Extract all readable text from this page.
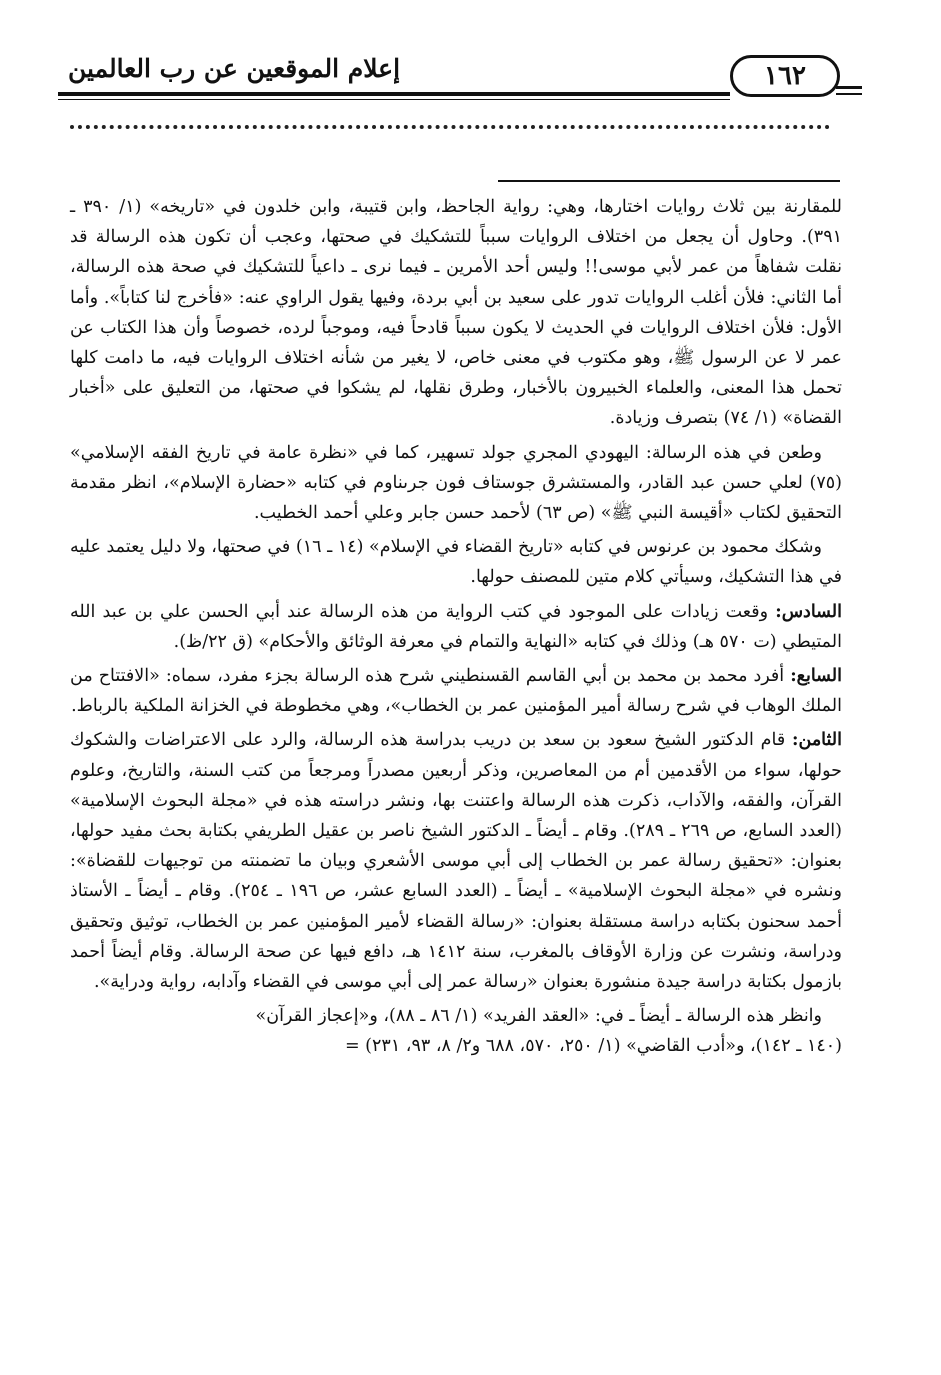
إعلام الموقعين عن رب العالمين	١٦٢

للمقارنة بين ثلاث روايات اختارها، وهي: رواية الجاحظ، وابن قتيبة، وابن خلدون في «تاريخه» (١/ ٣٩٠ ـ ٣٩١). وحاول أن يجعل من اختلاف الروايات سبباً للتشكيك في صحتها، وعجب أن تكون هذه الرسالة قد نقلت شفاهاً من عمر لأبي موسى!! وليس أحد الأمرين ـ فيما نرى ـ داعياً للتشكيك في صحة هذه الرسالة، أما الثاني: فلأن أغلب الروايات تدور على سعيد بن أبي بردة، وفيها يقول الراوي عنه: «فأخرج لنا كتاباً». وأما الأول: فلأن اختلاف الروايات في الحديث لا يكون سبباً قادحاً فيه، وموجباً لرده، خصوصاً وأن هذا الكتاب عن عمر لا عن الرسول ﷺ، وهو مكتوب في معنى خاص، لا يغير من شأنه اختلاف الروايات فيه، ما دامت كلها تحمل هذا المعنى، والعلماء الخبيرون بالأخبار، وطرق نقلها، لم يشكوا في صحتها، من التعليق على «أخبار القضاة» (١/ ٧٤) بتصرف وزيادة.

وطعن في هذه الرسالة: اليهودي المجري جولد تسهير، كما في «نظرة عامة في تاريخ الفقه الإسلامي» (٧٥) لعلي حسن عبد القادر، والمستشرق جوستاف فون جرىناوم في كتابه «حضارة الإسلام»، انظر مقدمة التحقيق لكتاب «أقيسة النبي ﷺ» (ص ٦٣) لأحمد حسن جابر وعلي أحمد الخطيب.

وشكك محمود بن عرنوس في كتابه «تاريخ القضاء في الإسلام» (١٤ ـ ١٦) في صحتها، ولا دليل يعتمد عليه في هذا التشكيك، وسيأتي كلام متين للمصنف حولها.

السادس: وقعت زيادات على الموجود في كتب الرواية من هذه الرسالة عند أبي الحسن علي بن عبد الله المتيطي (ت ٥٧٠ هـ) وذلك في كتابه «النهاية والتمام في معرفة الوثائق والأحكام» (ق ٢٢/ظ).

السابع: أفرد محمد بن محمد بن أبي القاسم القسنطيني شرح هذه الرسالة بجزء مفرد، سماه: «الافتتاح من الملك الوهاب في شرح رسالة أمير المؤمنين عمر بن الخطاب»، وهي مخطوطة في الخزانة الملكية بالرباط.

الثامن: قام الدكتور الشيخ سعود بن سعد بن دريب بدراسة هذه الرسالة، والرد على الاعتراضات والشكوك حولها، سواء من الأقدمين أم من المعاصرين، وذكر أربعين مصدراً ومرجعاً من كتب السنة، والتاريخ، وعلوم القرآن، والفقه، والآداب، ذكرت هذه الرسالة واعتنت بها، ونشر دراسته هذه في «مجلة البحوث الإسلامية» (العدد السابع، ص ٢٦٩ ـ ٢٨٩). وقام ـ أيضاً ـ الدكتور الشيخ ناصر بن عقيل الطريفي بكتابة بحث مفيد حولها، بعنوان: «تحقيق رسالة عمر بن الخطاب إلى أبي موسى الأشعري وبيان ما تضمنته من توجيهات للقضاة»: ونشره في «مجلة البحوث الإسلامية» ـ أيضاً ـ (العدد السابع عشر، ص ١٩٦ ـ ٢٥٤). وقام ـ أيضاً ـ الأستاذ أحمد سحنون بكتابه دراسة مستقلة بعنوان: «رسالة القضاء لأمير المؤمنين عمر بن الخطاب، توثيق وتحقيق ودراسة، ونشرت عن وزارة الأوقاف بالمغرب، سنة ١٤١٢ هـ، دافع فيها عن صحة الرسالة. وقام أيضاً أحمد بازمول بكتابة دراسة جيدة منشورة بعنوان «رسالة عمر إلى أبي موسى في القضاء وآدابه، رواية ودراية».

وانظر هذه الرسالة ـ أيضاً ـ في: «العقد الفريد» (١/ ٨٦ ـ ٨٨)، و«إعجاز القرآن»
(١٤٠ ـ ١٤٢)، و«أدب القاضي» (١/ ٢٥٠، ٥٧٠، ٦٨٨ و٢/ ٨، ٩٣، ٢٣١) =
